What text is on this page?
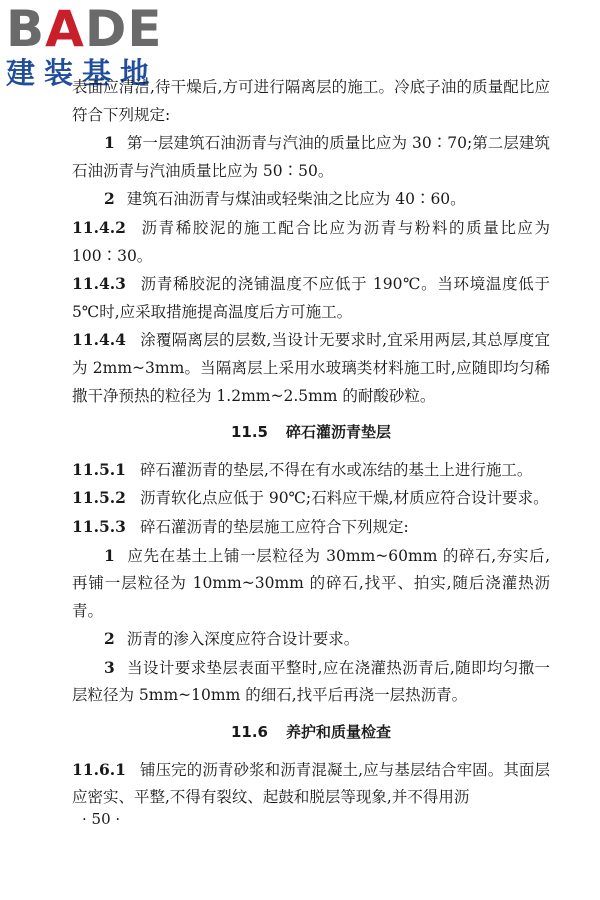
BADE
建装基地

表面应清洁,待干燥后,方可进行隔离层的施工。冷底子油的质量配比应符合下列规定:

1 第一层建筑石油沥青与汽油的质量比应为 30∶70;第二层建筑石油沥青与汽油质量比应为 50∶50。

2 建筑石油沥青与煤油或轻柴油之比应为 40∶60。

11.4.2 沥青稀胶泥的施工配合比应为沥青与粉料的质量比应为 100∶30。

11.4.3 沥青稀胶泥的浇铺温度不应低于 190℃。当环境温度低于 5℃时,应采取措施提高温度后方可施工。

11.4.4 涂覆隔离层的层数,当设计无要求时,宜采用两层,其总厚度宜为 2mm~3mm。当隔离层上采用水玻璃类材料施工时,应随即均匀稀撒干净预热的粒径为 1.2mm~2.5mm 的耐酸砂粒。

11.5 碎石灌沥青垫层

11.5.1 碎石灌沥青的垫层,不得在有水或冻结的基土上进行施工。

11.5.2 沥青软化点应低于 90℃;石料应干燥,材质应符合设计要求。

11.5.3 碎石灌沥青的垫层施工应符合下列规定:

1 应先在基土上铺一层粒径为 30mm~60mm 的碎石,夯实后,再铺一层粒径为 10mm~30mm 的碎石,找平、拍实,随后浇灌热沥青。

2 沥青的渗入深度应符合设计要求。

3 当设计要求垫层表面平整时,应在浇灌热沥青后,随即均匀撒一层粒径为 5mm~10mm 的细石,找平后再浇一层热沥青。

11.6 养护和质量检查

11.6.1 铺压完的沥青砂浆和沥青混凝土,应与基层结合牢固。其面层应密实、平整,不得有裂纹、起鼓和脱层等现象,并不得用沥

· 50 ·
